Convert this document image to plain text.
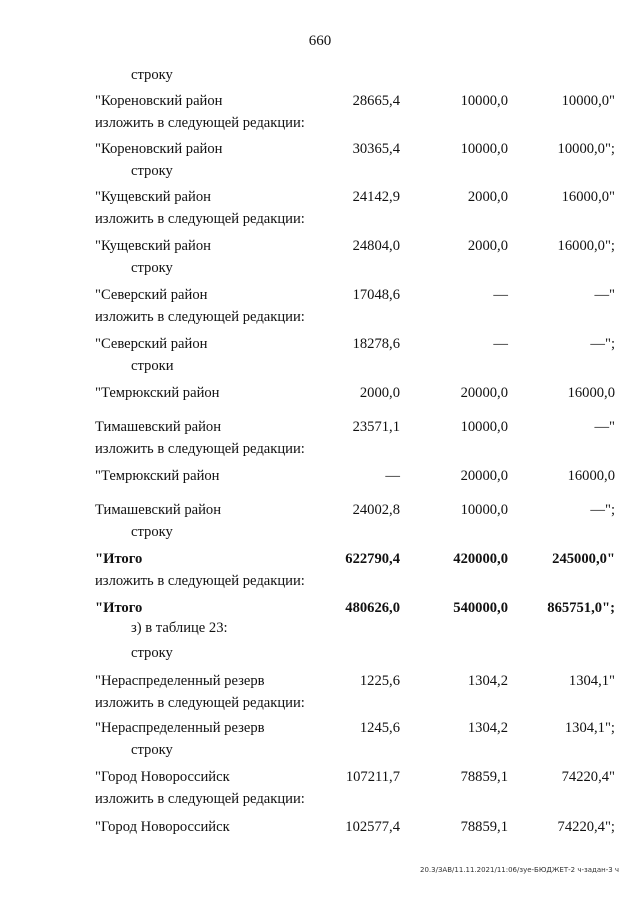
660
строку
"Кореновский район	28665,4	10000,0	10000,0"
изложить в следующей редакции:
"Кореновский район	30365,4	10000,0	10000,0";
строку
"Кущевский район	24142,9	2000,0	16000,0"
изложить в следующей редакции:
"Кущевский район	24804,0	2000,0	16000,0";
строку
"Северский район	17048,6	—	—"
изложить в следующей редакции:
"Северский район	18278,6	—	—";
строки
"Темрюкский район	2000,0	20000,0	16000,0
Тимашевский район	23571,1	10000,0	—"
изложить в следующей редакции:
"Темрюкский район	—	20000,0	16000,0
Тимашевский район	24002,8	10000,0	—";
строку
"Итого	622790,4	420000,0	245000,0"
изложить в следующей редакции:
"Итого	480626,0	540000,0	865751,0";
з) в таблице 23:
строку
"Нераспределенный резерв	1225,6	1304,2	1304,1"
изложить в следующей редакции:
"Нераспределенный резерв	1245,6	1304,2	1304,1";
строку
"Город Новороссийск	107211,7	78859,1	74220,4"
изложить в следующей редакции:
"Город Новороссийск	102577,4	78859,1	74220,4";
20.3/ЗАВ/11.11.2021/11:06/зуе-БЮДЖЕТ-2 ч-задан-3 ч
